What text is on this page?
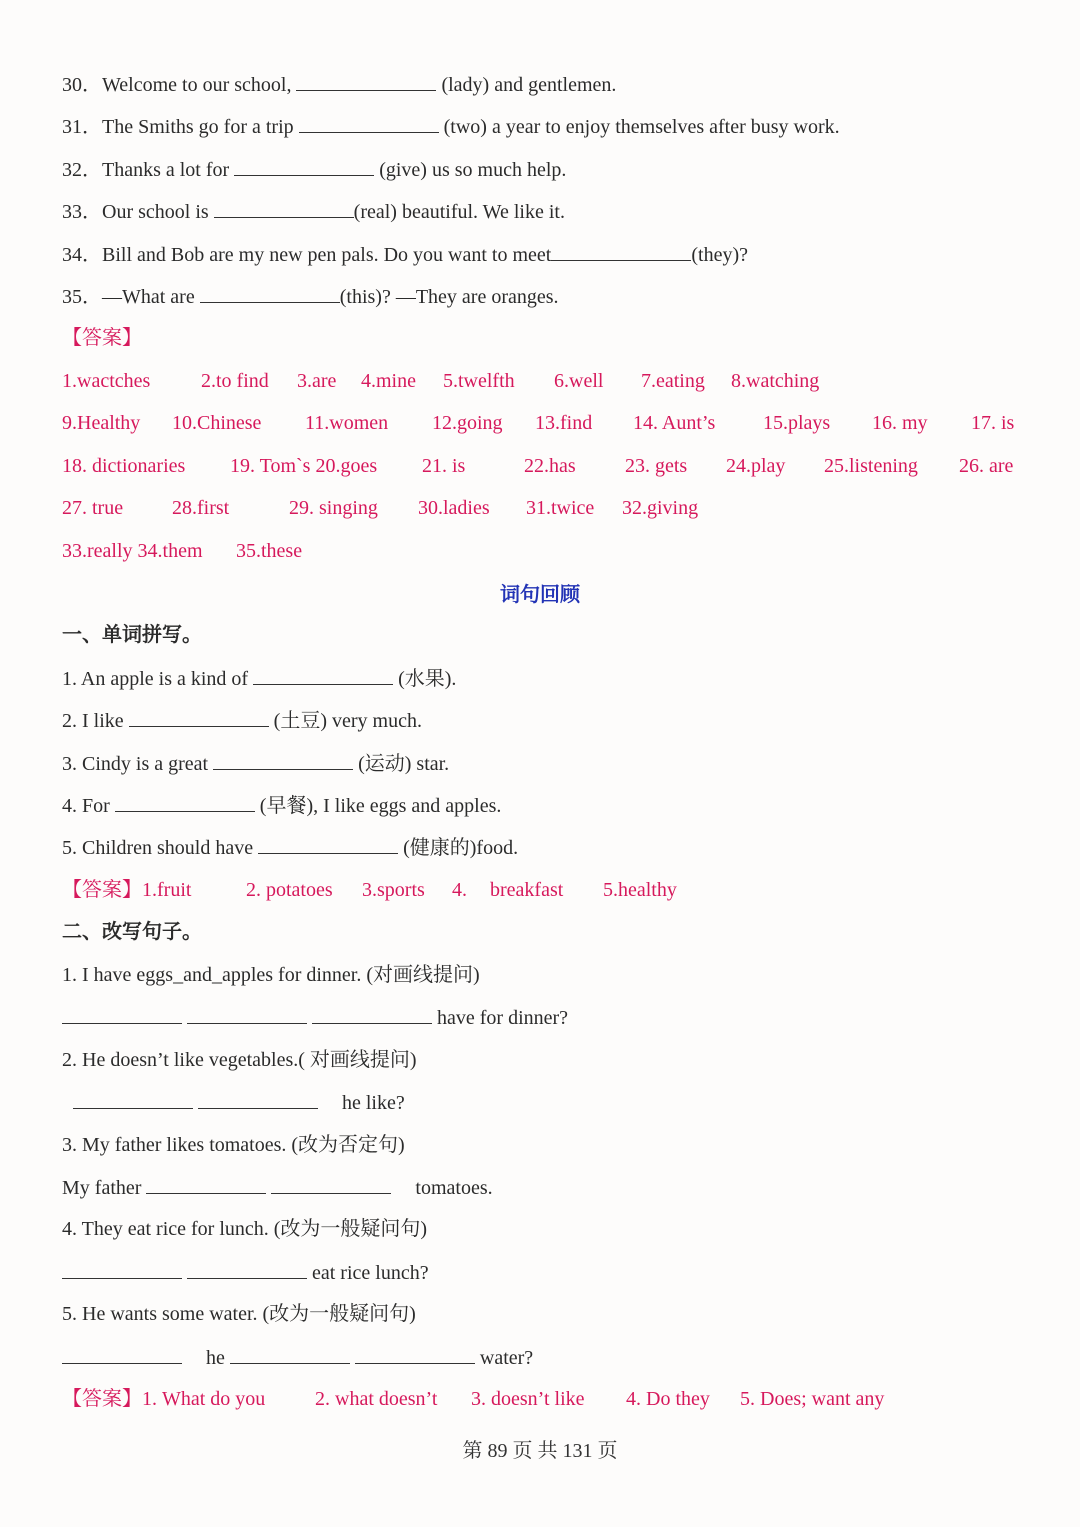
30．Welcome to our school,	(lady) and gentlemen.
31．The Smiths go for a trip	(two) a year to enjoy themselves after busy work.
32．Thanks a lot for	(give) us so much help.
33．Our school is	(real) beautiful. We like it.
34．Bill and Bob are my new pen pals. Do you want to meet	(they)?
35．—What are	(this)? —They are oranges.
【答案】
1.wactches	2.to find 3.are 4.mine 5.twelfth 6.well 7.eating 8.watching
9.Healthy 10.Chinese 11.women 12.going 13.find 14. Aunt’s 15.plays 16. my 17. is
18. dictionaries 19. Tom`s 20.goes 21. is	22.has 23. gets 24.play 25.listening 26. are
27. true 28.first	29. singing 30.ladies 31.twice 32.giving
33.really 34.them 35.these
词句回顾
一、单词拼写。
1. An apple is a kind of	(水果).
2. I like	(土豆) very much.
3. Cindy is a great	(运动) star.
4. For	(早餐), I like eggs and apples.
5. Children should have	(健康的)food.
【答案】1.fruit	2. potatoes 3.sports 4. breakfast 5.healthy
二、改写句子。
1. I have eggs_and_apples for dinner. (对画线提问)
have for dinner?
2. He doesn’t like vegetables.( 对画线提问)
he like?
3. My father likes tomatoes. (改为否定句)
My father	tomatoes.
4. They eat rice for lunch. (改为一般疑问句)
eat rice lunch?
5. He wants some water. (改为一般疑问句)
he	water?
【答案】1. What do you 2. what doesn’t 3. doesn’t like 4. Do they 5. Does; want any
第 89 页 共 131 页
